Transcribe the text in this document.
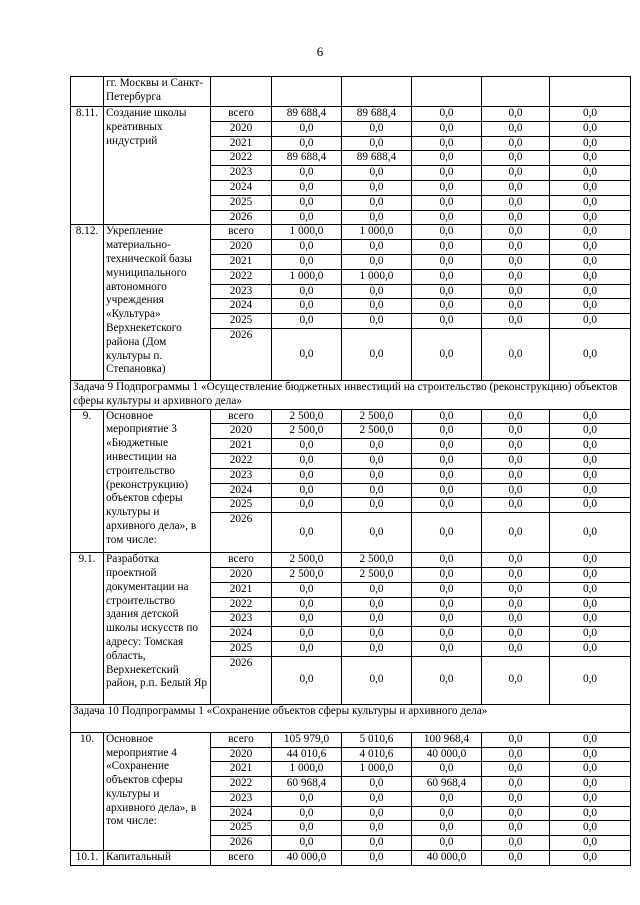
6
	гг. Москвы и Санкт-Петербурга						
8.11.	Создание школы креативных индустрий	всего	89 688,4	89 688,4	0,0	0,0	0,0
		2020	0,0	0,0	0,0	0,0	0,0
		2021	0,0	0,0	0,0	0,0	0,0
		2022	89 688,4	89 688,4	0,0	0,0	0,0
		2023	0,0	0,0	0,0	0,0	0,0
		2024	0,0	0,0	0,0	0,0	0,0
		2025	0,0	0,0	0,0	0,0	0,0
		2026	0,0	0,0	0,0	0,0	0,0
8.12.	Укрепление материально-технической базы муниципального автономного учреждения «Культура» Верхнекетского района (Дом культуры п. Степановка)	всего	1 000,0	1 000,0	0,0	0,0	0,0
		2020	0,0	0,0	0,0	0,0	0,0
		2021	0,0	0,0	0,0	0,0	0,0
		2022	1 000,0	1 000,0	0,0	0,0	0,0
		2023	0,0	0,0	0,0	0,0	0,0
		2024	0,0	0,0	0,0	0,0	0,0
		2025	0,0	0,0	0,0	0,0	0,0
		2026	0,0	0,0	0,0	0,0	0,0
Задача 9 Подпрограммы 1 «Осуществление бюджетных инвестиций на строительство (реконструкцию) объектов сферы культуры и архивного дела»							
9.	Основное мероприятие 3 «Бюджетные инвестиции на строительство (реконструкцию) объектов сферы культуры и архивного дела», в том числе:	всего	2 500,0	2 500,0	0,0	0,0	0,0
		2020	2 500,0	2 500,0	0,0	0,0	0,0
		2021	0,0	0,0	0,0	0,0	0,0
		2022	0,0	0,0	0,0	0,0	0,0
		2023	0,0	0,0	0,0	0,0	0,0
		2024	0,0	0,0	0,0	0,0	0,0
		2025	0,0	0,0	0,0	0,0	0,0
		2026	0,0	0,0	0,0	0,0	0,0
9.1.	Разработка проектной документации на строительство здания детской школы искусств по адресу: Томская область, Верхнекетский район, р.п. Белый Яр	всего	2 500,0	2 500,0	0,0	0,0	0,0
		2020	2 500,0	2 500,0	0,0	0,0	0,0
		2021	0,0	0,0	0,0	0,0	0,0
		2022	0,0	0,0	0,0	0,0	0,0
		2023	0,0	0,0	0,0	0,0	0,0
		2024	0,0	0,0	0,0	0,0	0,0
		2025	0,0	0,0	0,0	0,0	0,0
		2026	0,0	0,0	0,0	0,0	0,0
Задача 10 Подпрограммы 1 «Сохранение объектов сферы культуры и архивного дела»							
10.	Основное мероприятие 4 «Сохранение объектов сферы культуры и архивного дела», в том числе:	всего	105 979,0	5 010,6	100 968,4	0,0	0,0
		2020	44 010,6	4 010,6	40 000,0	0,0	0,0
		2021	1 000,0	1 000,0	0,0	0,0	0,0
		2022	60 968,4	0,0	60 968,4	0,0	0,0
		2023	0,0	0,0	0,0	0,0	0,0
		2024	0,0	0,0	0,0	0,0	0,0
		2025	0,0	0,0	0,0	0,0	0,0
		2026	0,0	0,0	0,0	0,0	0,0
10.1.	Капитальный	всего	40 000,0	0,0	40 000,0	0,0	0,0
